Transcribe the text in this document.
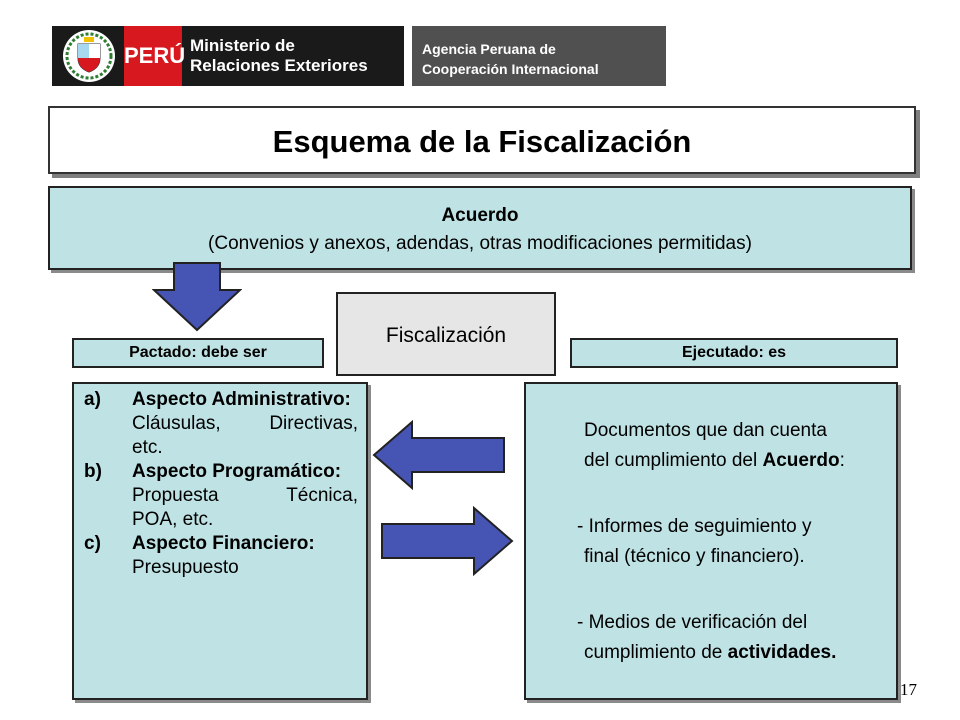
PERÚ Ministerio de
Relaciones Exteriores
Agencia Peruana de
Cooperación Internacional
Esquema de la Fiscalización
Acuerdo
(Convenios y anexos, adendas, otras modificaciones permitidas)
Fiscalización
Pactado: debe ser	Ejecutado: es
a)	Aspecto Administrativo:
Cláusulas, Directivas,
etc.
b)	Aspecto Programático:
Propuesta Técnica,
POA, etc.
c)	Aspecto Financiero:
Presupuesto
Documentos que dan cuenta
del cumplimiento del Acuerdo:
- Informes de seguimiento y
final (técnico y financiero).
- Medios de verificación del
cumplimiento de actividades.
17
